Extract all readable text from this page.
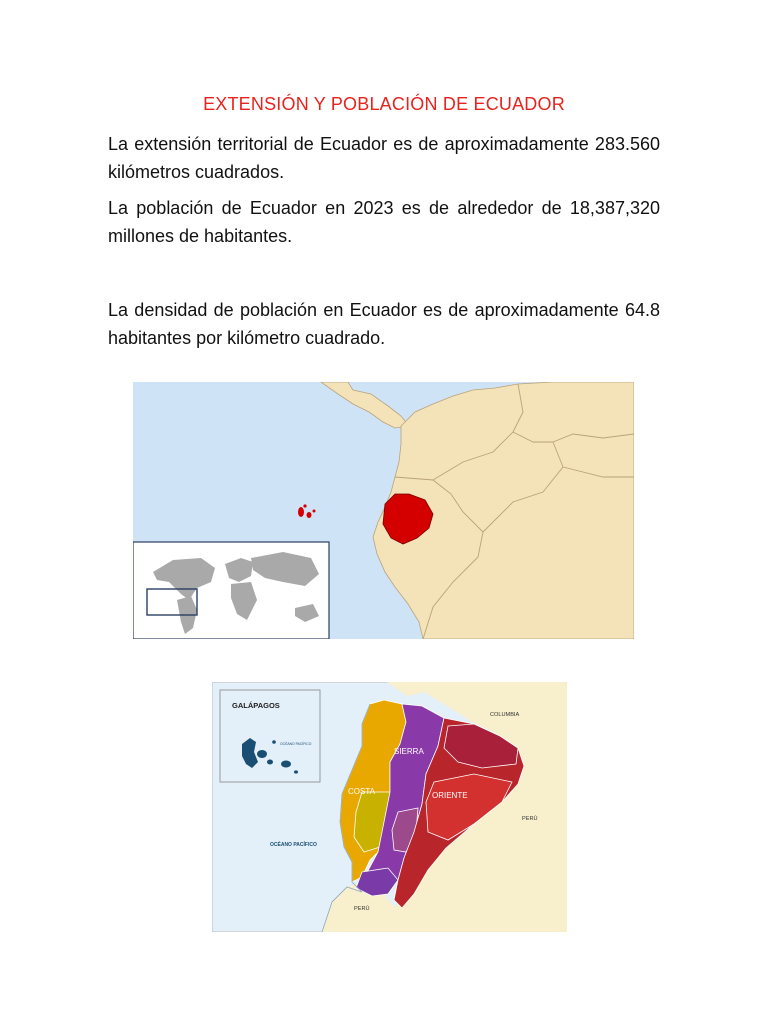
EXTENSIÓN Y POBLACIÓN DE ECUADOR
La extensión territorial de Ecuador es de aproximadamente 283.560 kilómetros cuadrados.
La población de Ecuador en 2023 es de alrededor de 18,387,320 millones de habitantes.
La densidad de población en Ecuador es de aproximadamente 64.8 habitantes por kilómetro cuadrado.
GALÁPAGOS
OCÉANO PACÍFICO
COLUMBIA
PERÚ
PERÚ
OCÉANO PACÍFICO
SIERRA
COSTA	ORIENTE
